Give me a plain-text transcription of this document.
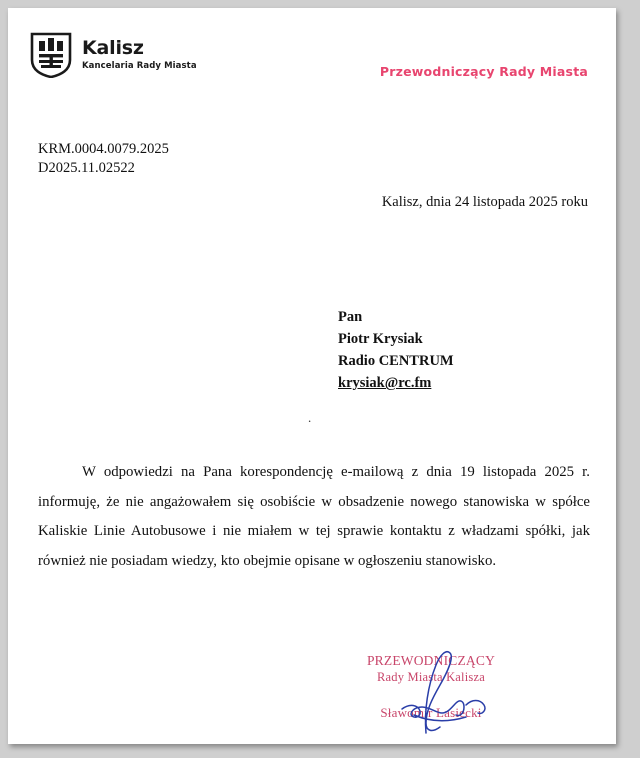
Kalisz
Kancelaria Rady Miasta	Przewodniczący Rady Miasta
KRM.0004.0079.2025
D2025.11.02522
Kalisz, dnia 24 listopada 2025 roku
Pan
Piotr Krysiak
Radio CENTRUM
krysiak@rc.fm
.
W odpowiedzi na Pana korespondencję e-mailową z dnia 19 listopada 2025 r. informuję, że nie angażowałem się osobiście w obsadzenie nowego stanowiska w spółce Kaliskie Linie Autobusowe i nie miałem w tej sprawie kontaktu z władzami spółki, jak również nie posiadam wiedzy, kto obejmie opisane w ogłoszeniu stanowisko.
PRZEWODNICZĄCY
Rady Miasta Kalisza
Sławomir Lasiecki
